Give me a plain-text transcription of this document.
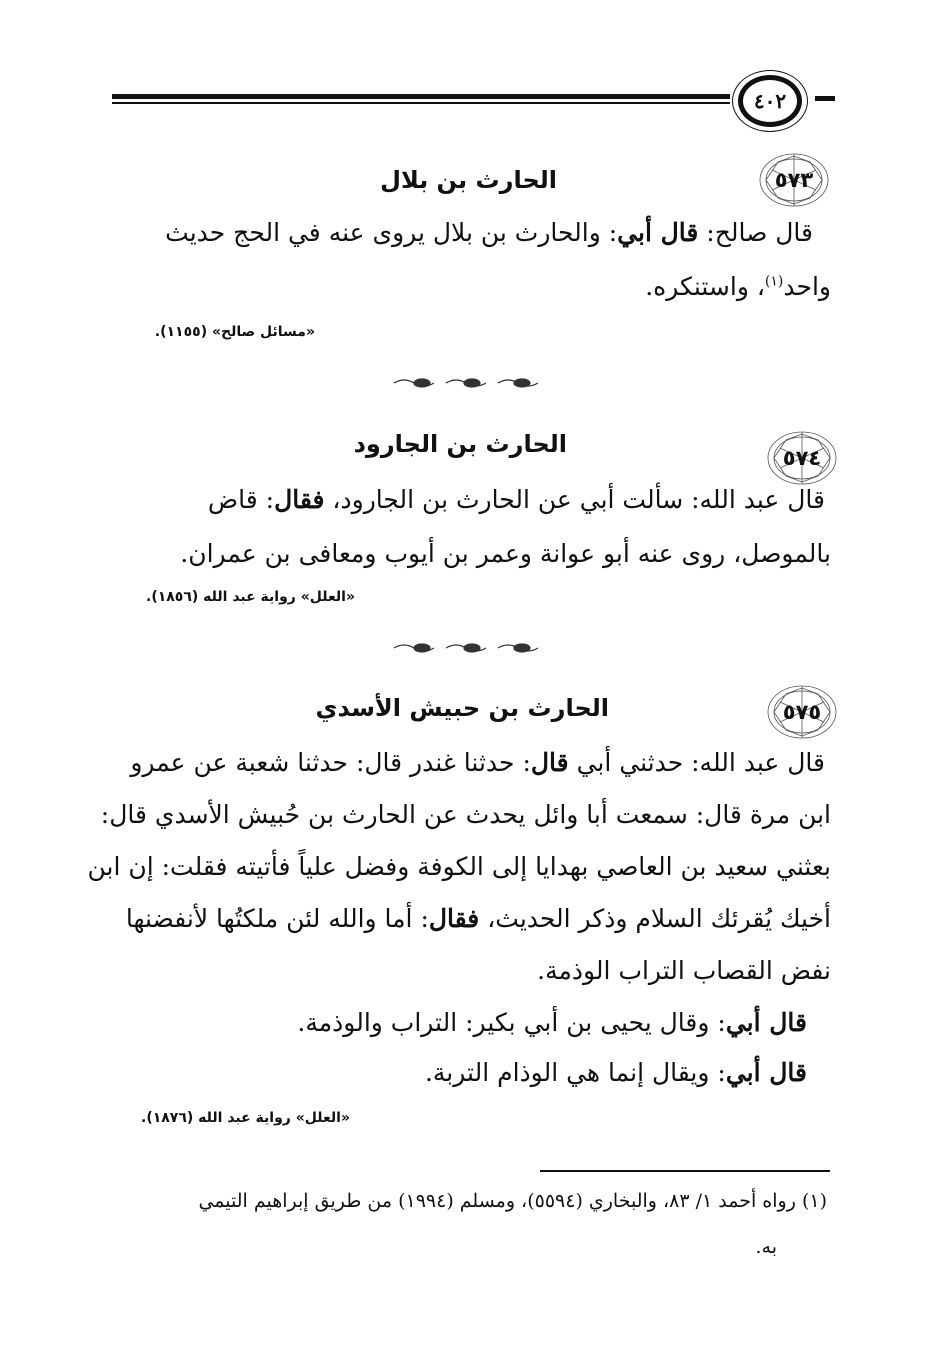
٤٠٢
٥٧٣
الحارث بن بلال
قال صالح: قال أبي: والحارث بن بلال يرو‌ى عنه في الحج حديث
واحد$^{(١)}$، واستنكره.
«مسائل صالح» (١١٥٥).
٥٧٤
الحارث بن الجارود
قال عبد الله: سألت أبي عن الحارث بن الجارود، فقال: قاض
بالموصل، رو‌ى عنه أبو عوانة وعمر بن أيوب ومعافى بن عمران.
«العلل» رواية عبد الله (١٨٥٦).
٥٧٥
الحارث بن حبيش الأسدي
قال عبد الله: حدثني أبي قال: حدثنا غندر قال: حدثنا شعبة عن عمرو
ابن مرة قال: سمعت أبا وائل يحدث عن الحارث بن حُبيش الأسدي قال:
بعثني سعيد بن العاصي بهدايا إلى الكوفة وفضل علياً فأتيته فقلت: إن ابن
أخيك يُقرئك السلام وذكر الحديث، فقال: أما والله لئن ملكتُها لأنفضنها
نفض القصاب التراب الوذمة.
قال أبي: وقال يحيى بن أبي بكير: التراب والوذمة.
قال أبي: ويقال إنما هي الوذام التربة.
«العلل» رواية عبد الله (١٨٧٦).
(١) رواه أحمد ١/ ٨٣، والبخاري (٥٥٩٤)، ومسلم (١٩٩٤) من طريق إبراهيم التيمي
به.
